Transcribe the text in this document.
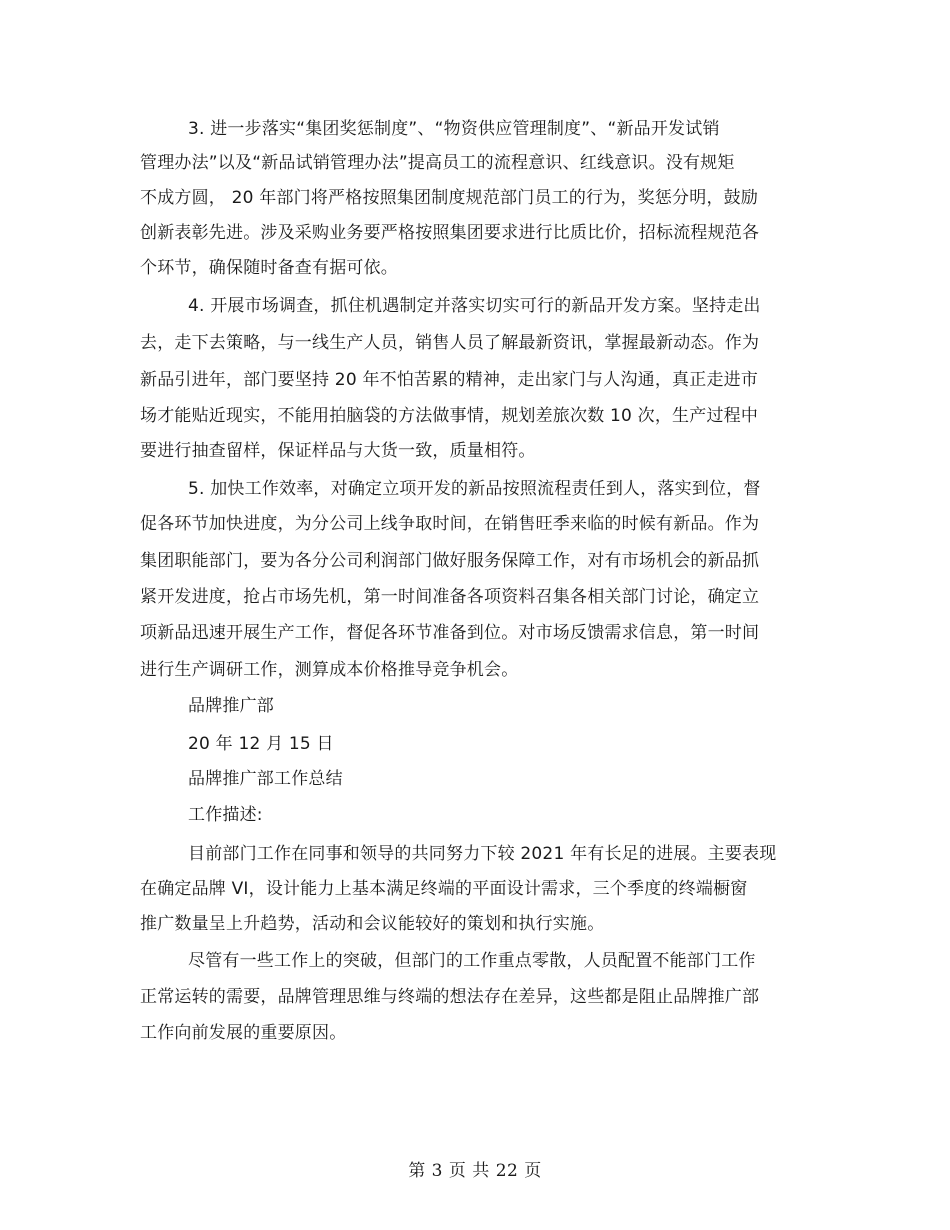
3. 进一步落实“集团奖惩制度”、“物资供应管理制度”、“新品开发试销
管理办法”以及“新品试销管理办法”提高员工的流程意识、红线意识。没有规矩
不成方圆， 20 年部门将严格按照集团制度规范部门员工的行为，奖惩分明，鼓励
创新表彰先进。涉及采购业务要严格按照集团要求进行比质比价，招标流程规范各
个环节，确保随时备查有据可依。
4. 开展市场调查，抓住机遇制定并落实切实可行的新品开发方案。坚持走出
去，走下去策略，与一线生产人员，销售人员了解最新资讯，掌握最新动态。作为
新品引进年，部门要坚持 20 年不怕苦累的精神，走出家门与人沟通，真正走进市
场才能贴近现实，不能用拍脑袋的方法做事情，规划差旅次数 10 次，生产过程中
要进行抽查留样，保证样品与大货一致，质量相符。
5. 加快工作效率，对确定立项开发的新品按照流程责任到人，落实到位，督
促各环节加快进度，为分公司上线争取时间，在销售旺季来临的时候有新品。作为
集团职能部门，要为各分公司利润部门做好服务保障工作，对有市场机会的新品抓
紧开发进度，抢占市场先机，第一时间准备各项资料召集各相关部门讨论，确定立
项新品迅速开展生产工作，督促各环节准备到位。对市场反馈需求信息，第一时间
进行生产调研工作，测算成本价格推导竞争机会。
品牌推广部
20 年 12 月 15 日
品牌推广部工作总结
工作描述:
目前部门工作在同事和领导的共同努力下较 2021 年有长足的进展。主要表现
在确定品牌 VI，设计能力上基本满足终端的平面设计需求，三个季度的终端橱窗
推广数量呈上升趋势，活动和会议能较好的策划和执行实施。
尽管有一些工作上的突破，但部门的工作重点零散，人员配置不能部门工作
正常运转的需要，品牌管理思维与终端的想法存在差异，这些都是阻止品牌推广部
工作向前发展的重要原因。
第 3 页 共 22 页
